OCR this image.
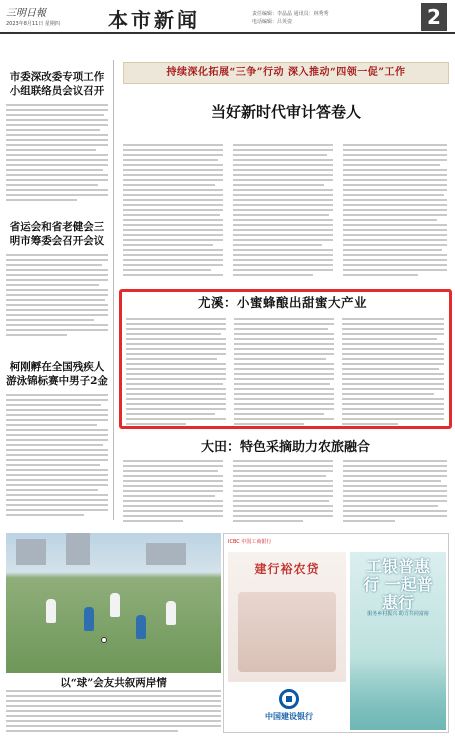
三明日報
2023年8月11日 星期四 本市新闻	责任编辑：李晶晶 通讯员：林秀秀
电话编辑：吕英姿	2
市委深改委专项工作小组联络员会议召开
省运会和省老健会三明市筹委会召开会议
柯刚孵在全国残疾人游泳锦标赛中男子2金
持续深化拓展“三争”行动 深入推动“四领一促”工作
当好新时代审计答卷人
尤溪：小蜜蜂酿出甜蜜大产业
大田：特色采摘助力农旅融合
以“球”会友共叙两岸情
ICBC 中国工商银行
建行裕农贷
中国建设银行
工银普惠行 一起普惠行
服务乡村振兴 助力共同富裕
